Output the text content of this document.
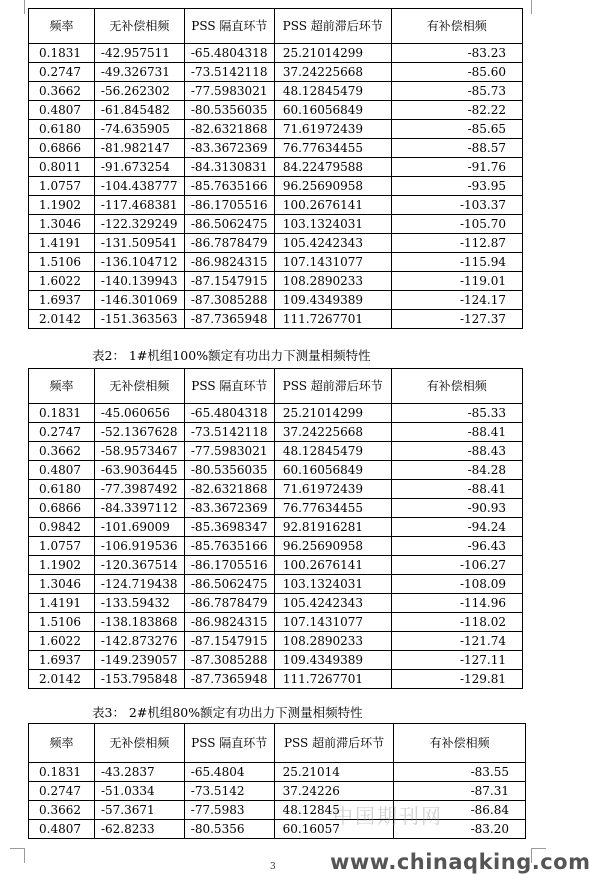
频率	无补偿相频	PSS 隔直环节	PSS 超前滞后环节	有补偿相频
0.1831	-42.957511	-65.4804318	25.21014299	-83.23
0.2747	-49.326731	-73.5142118	37.24225668	-85.60
0.3662	-56.262302	-77.5983021	48.12845479	-85.73
0.4807	-61.845482	-80.5356035	60.16056849	-82.22
0.6180	-74.635905	-82.6321868	71.61972439	-85.65
0.6866	-81.982147	-83.3672369	76.77634455	-88.57
0.8011	-91.673254	-84.3130831	84.22479588	-91.76
1.0757	-104.438777	-85.7635166	96.25690958	-93.95
1.1902	-117.468381	-86.1705516	100.2676141	-103.37
1.3046	-122.329249	-86.5062475	103.1324031	-105.70
1.4191	-131.509541	-86.7878479	105.4242343	-112.87
1.5106	-136.104712	-86.9824315	107.1431077	-115.94
1.6022	-140.139943	-87.1547915	108.2890233	-119.01
1.6937	-146.301069	-87.3085288	109.4349389	-124.17
2.0142	-151.363563	-87.7365948	111.7267701	-127.37
表2： 1#机组100%额定有功出力下测量相频特性
频率	无补偿相频	PSS 隔直环节	PSS 超前滞后环节	有补偿相频
0.1831	-45.060656	-65.4804318	25.21014299	-85.33
0.2747	-52.1367628	-73.5142118	37.24225668	-88.41
0.3662	-58.9573467	-77.5983021	48.12845479	-88.43
0.4807	-63.9036445	-80.5356035	60.16056849	-84.28
0.6180	-77.3987492	-82.6321868	71.61972439	-88.41
0.6866	-84.3397112	-83.3672369	76.77634455	-90.93
0.9842	-101.69009	-85.3698347	92.81916281	-94.24
1.0757	-106.919536	-85.7635166	96.25690958	-96.43
1.1902	-120.367514	-86.1705516	100.2676141	-106.27
1.3046	-124.719438	-86.5062475	103.1324031	-108.09
1.4191	-133.59432	-86.7878479	105.4242343	-114.96
1.5106	-138.183868	-86.9824315	107.1431077	-118.02
1.6022	-142.873276	-87.1547915	108.2890233	-121.74
1.6937	-149.239057	-87.3085288	109.4349389	-127.11
2.0142	-153.795848	-87.7365948	111.7267701	-129.81
表3： 2#机组80%额定有功出力下测量相频特性
频率	无补偿相频	PSS 隔直环节	PSS 超前滞后环节	有补偿相频
0.1831	-43.2837	-65.4804	25.21014	-83.55
0.2747	-51.0334	-73.5142	37.24226	-87.31
0.3662	-57.3671	-77.5983	48.12845	-86.84
0.4807	-62.8233	-80.5356	60.16057	-83.20
3
中国期刊网
www.chinaqking.com
